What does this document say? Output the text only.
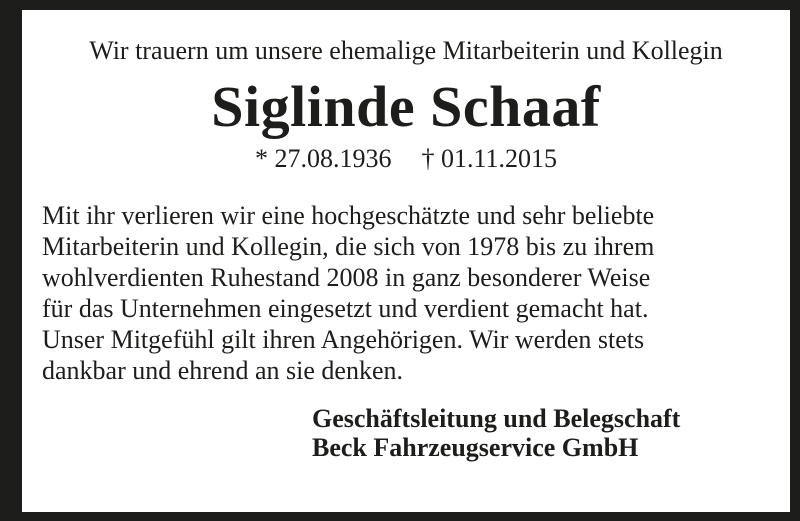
Wir trauern um unsere ehemalige Mitarbeiterin und Kollegin
Siglinde Schaaf
* 27.08.1936 † 01.11.2015
Mit ihr verlieren wir eine hochgeschätzte und sehr beliebte
Mitarbeiterin und Kollegin, die sich von 1978 bis zu ihrem
wohlverdienten Ruhestand 2008 in ganz besonderer Weise
für das Unternehmen eingesetzt und verdient gemacht hat.
Unser Mitgefühl gilt ihren Angehörigen. Wir werden stets
dankbar und ehrend an sie denken.
Geschäftsleitung und Belegschaft
Beck Fahrzeugservice GmbH
